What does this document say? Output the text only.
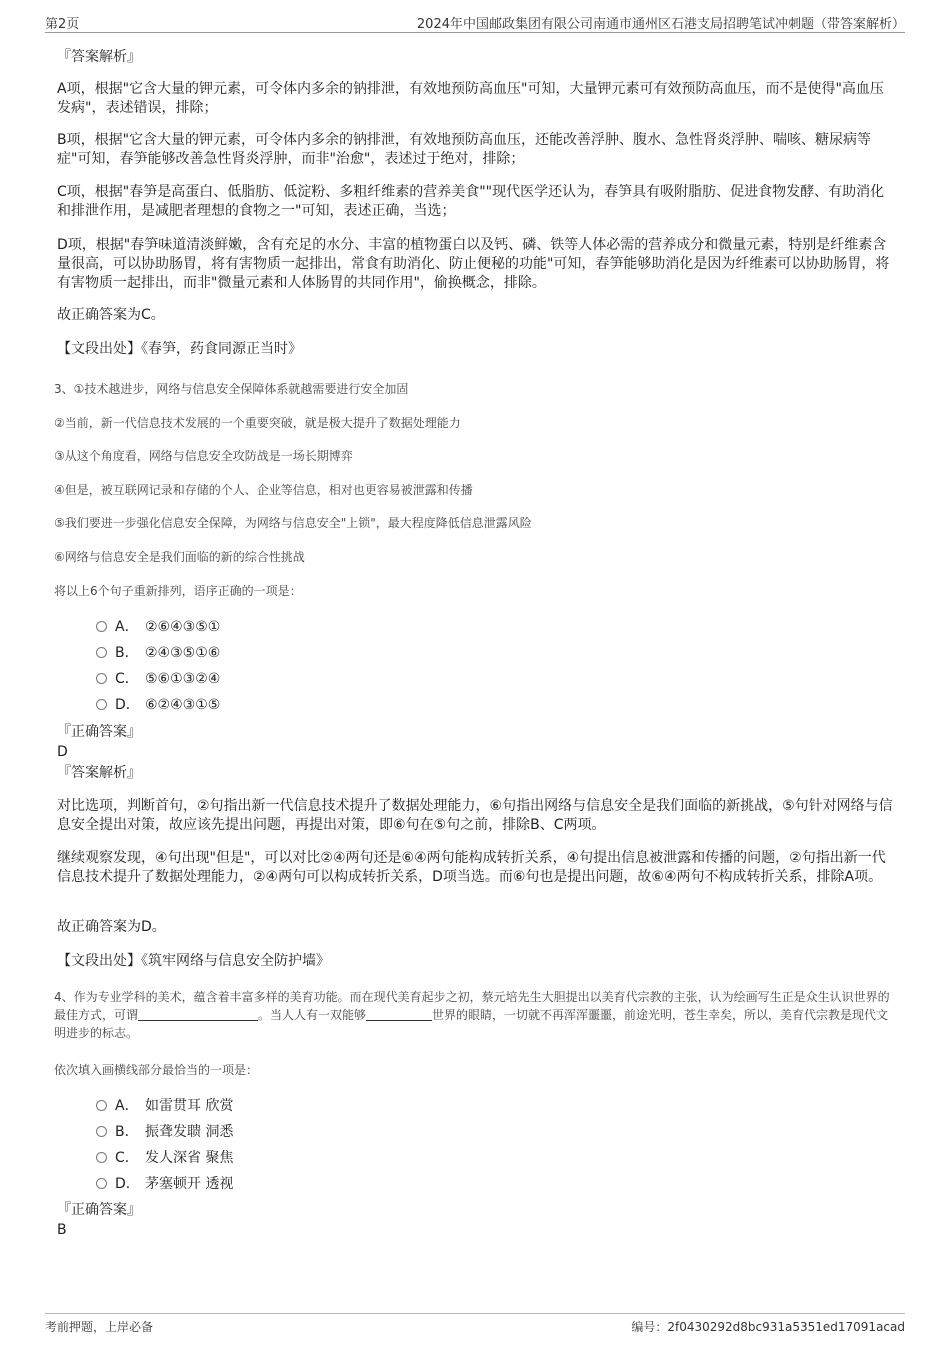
第2页	2024年中国邮政集团有限公司南通市通州区石港支局招聘笔试冲刺题（带答案解析）
『答案解析』
A项，根据"它含大量的钾元素，可令体内多余的钠排泄，有效地预防高血压"可知，大量钾元素可有效预防高血压，而不是使得"高血压发病"，表述错误，排除；
B项，根据"它含大量的钾元素，可令体内多余的钠排泄，有效地预防高血压，还能改善浮肿、腹水、急性肾炎浮肿、喘咳、糖尿病等症"可知，春笋能够改善急性肾炎浮肿，而非"治愈"，表述过于绝对，排除；
C项，根据"春笋是高蛋白、低脂肪、低淀粉、多粗纤维素的营养美食""现代医学还认为，春笋具有吸附脂肪、促进食物发酵、有助消化和排泄作用，是减肥者理想的食物之一"可知，表述正确，当选；
D项，根据"春笋味道清淡鲜嫩，含有充足的水分、丰富的植物蛋白以及钙、磷、铁等人体必需的营养成分和微量元素，特别是纤维素含量很高，可以协助肠胃，将有害物质一起排出，常食有助消化、防止便秘的功能"可知，春笋能够助消化是因为纤维素可以协助肠胃，将有害物质一起排出，而非"微量元素和人体肠胃的共同作用"，偷换概念，排除。
故正确答案为C。
【文段出处】《春笋，药食同源正当时》
3、①技术越进步，网络与信息安全保障体系就越需要进行安全加固
②当前，新一代信息技术发展的一个重要突破，就是极大提升了数据处理能力
③从这个角度看，网络与信息安全攻防战是一场长期博弈
④但是，被互联网记录和存储的个人、企业等信息，相对也更容易被泄露和传播
⑤我们要进一步强化信息安全保障，为网络与信息安全"上锁"，最大程度降低信息泄露风险
⑥网络与信息安全是我们面临的新的综合性挑战
将以上6个句子重新排列，语序正确的一项是：
A． ②⑥④③⑤①
B． ②④③⑤①⑥
C． ⑤⑥①③②④
D． ⑥②④③①⑤
『正确答案』
D
『答案解析』
对比选项，判断首句，②句指出新一代信息技术提升了数据处理能力，⑥句指出网络与信息安全是我们面临的新挑战，⑤句针对网络与信息安全提出对策，故应该先提出问题，再提出对策，即⑥句在⑤句之前，排除B、C两项。
继续观察发现，④句出现"但是"，可以对比②④两句还是⑥④两句能构成转折关系，④句提出信息被泄露和传播的问题，②句指出新一代信息技术提升了数据处理能力，②④两句可以构成转折关系，D项当选。而⑥句也是提出问题，故⑥④两句不构成转折关系，排除A项。
故正确答案为D。
【文段出处】《筑牢网络与信息安全防护墙》
4、作为专业学科的美术，蕴含着丰富多样的美育功能。而在现代美育起步之初，蔡元培先生大胆提出以美育代宗教的主张，认为绘画写生正是众生认识世界的最佳方式，可谓	。当人人有一双能够	世界的眼睛，一切就不再浑浑噩噩，前途光明，苍生幸矣，所以，美育代宗教是现代文明进步的标志。
依次填入画横线部分最恰当的一项是：
A． 如雷贯耳 欣赏
B． 振聋发聩 洞悉
C． 发人深省 聚焦
D． 茅塞顿开 透视
『正确答案』
B
考前押题，上岸必备	编号：2f0430292d8bc931a5351ed17091acad
